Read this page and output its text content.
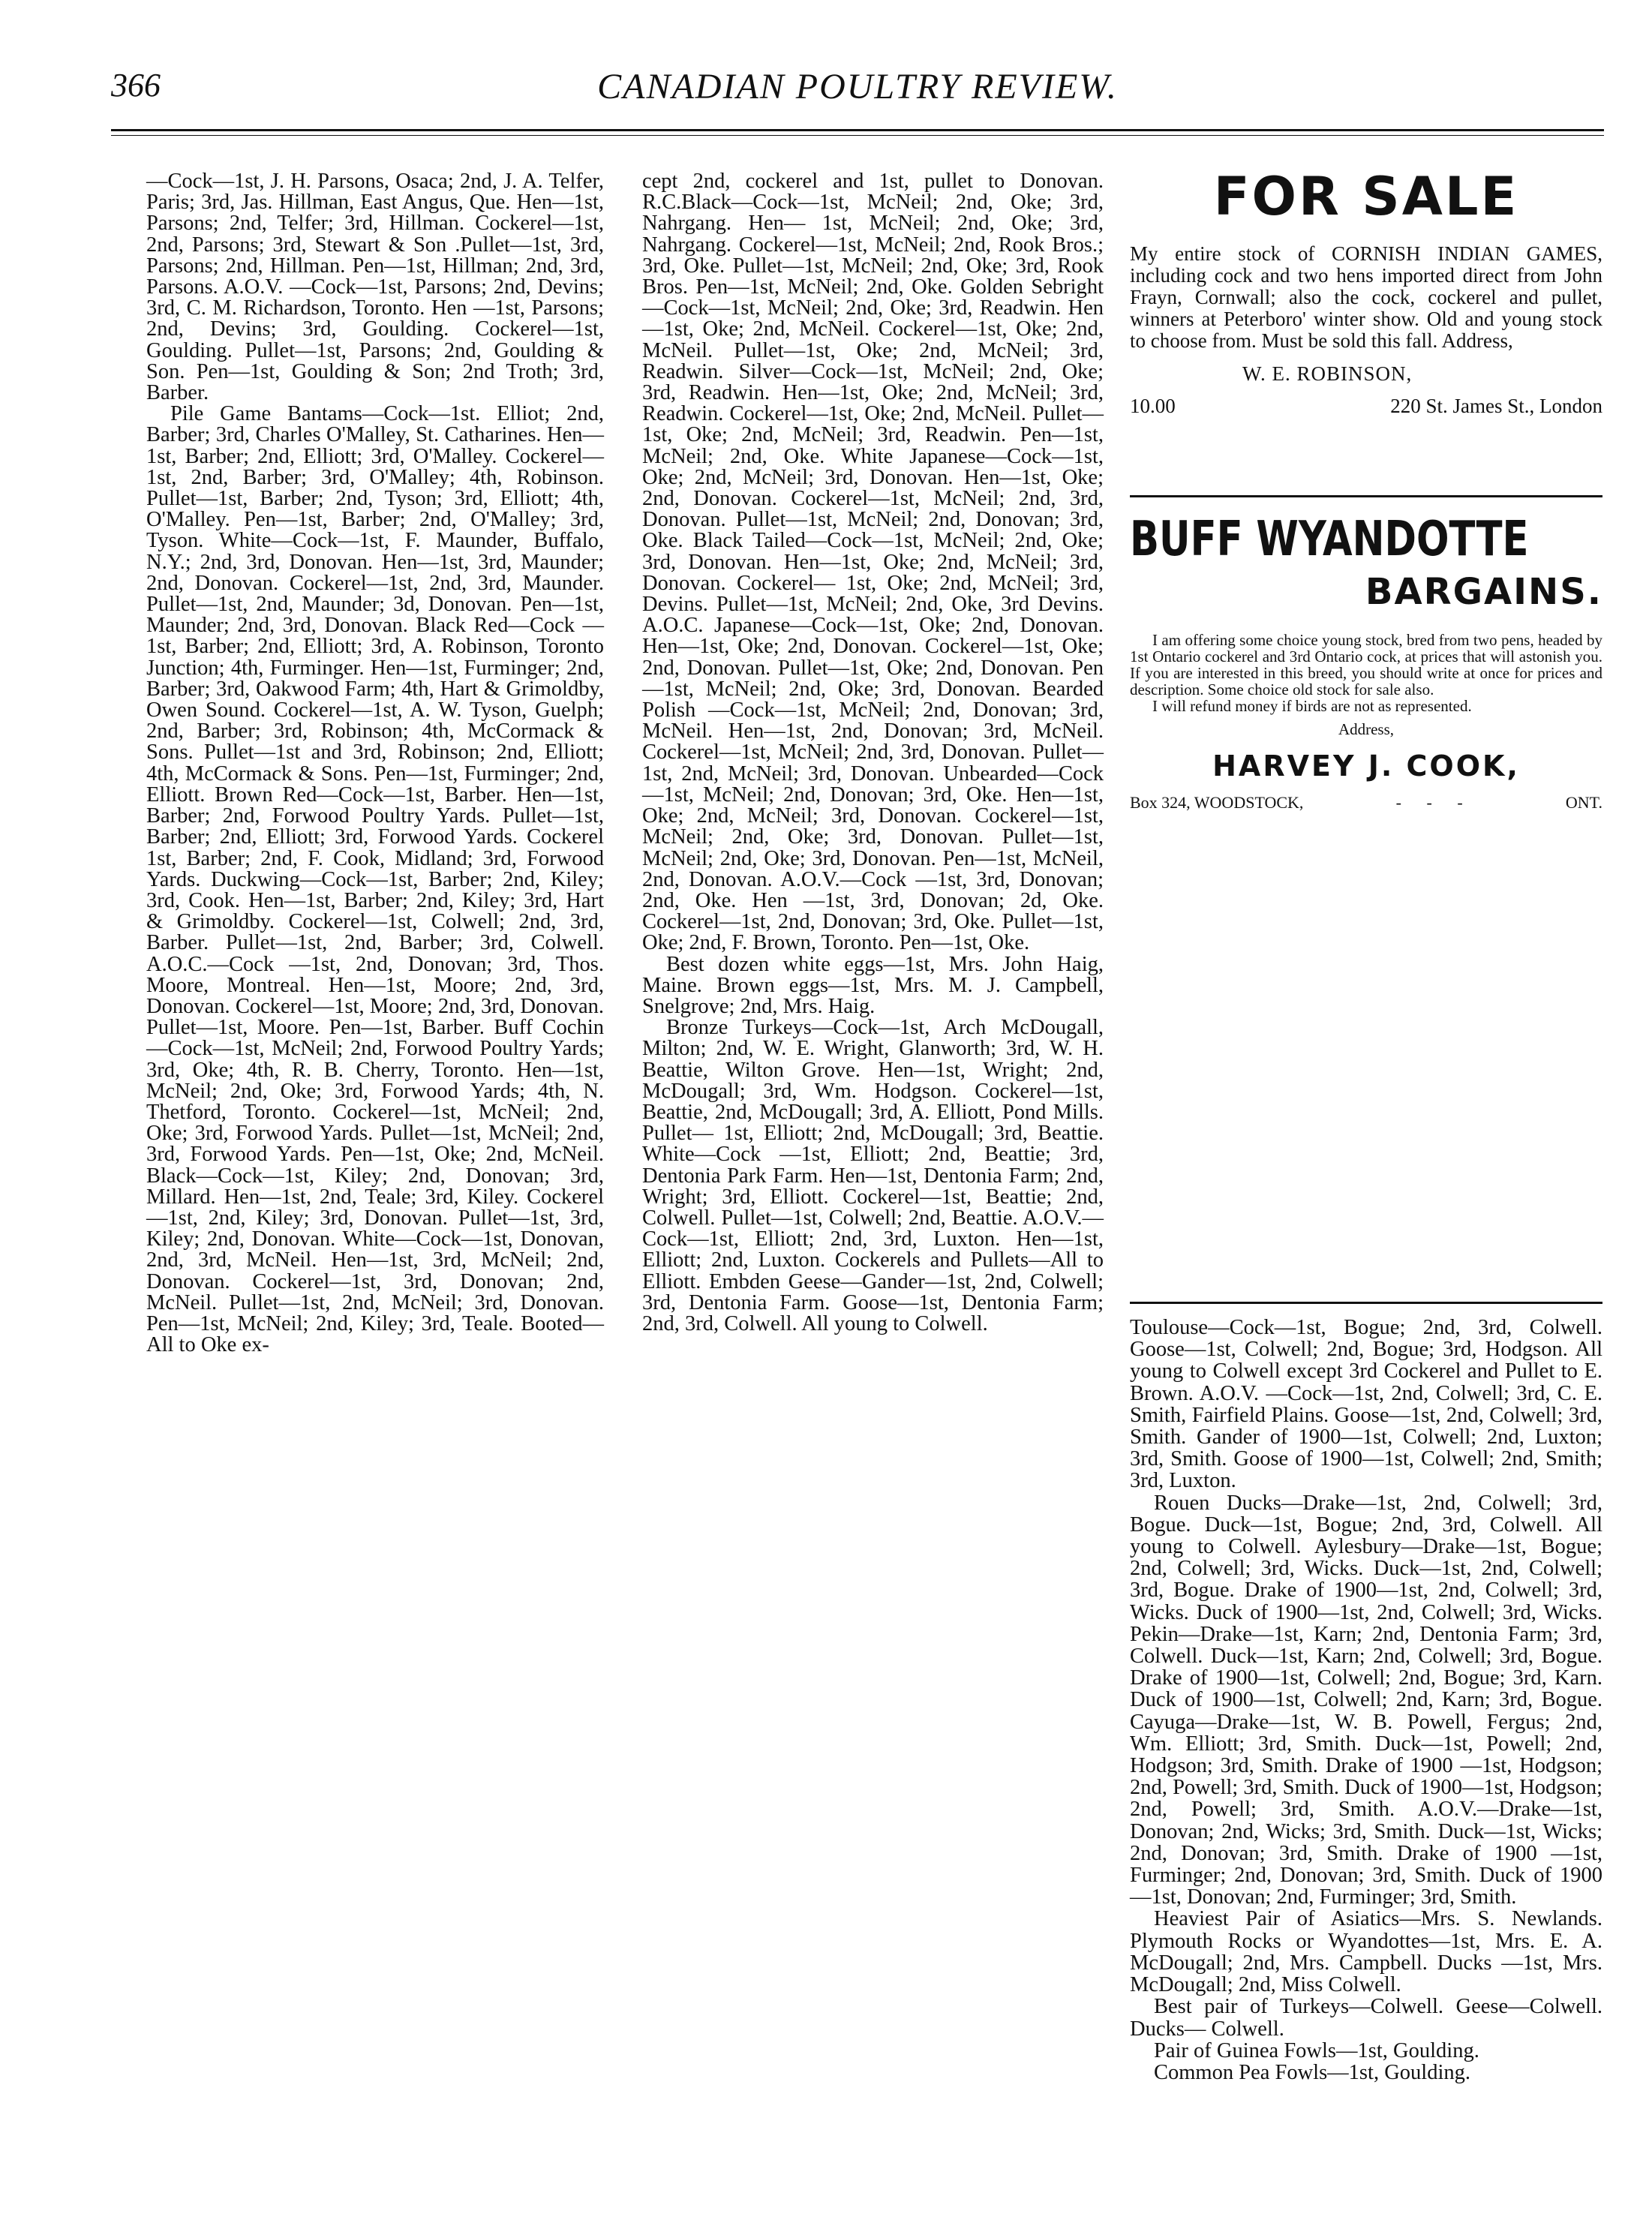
366	CANADIAN POULTRY REVIEW.

—Cock—1st, J. H. Parsons, Osaca; 2nd, J. A. Telfer, Paris; 3rd, Jas. Hillman, East Angus, Que. Hen—1st, Parsons; 2nd, Telfer; 3rd, Hillman. Cockerel—1st, 2nd, Parsons; 3rd, Stewart & Son .Pullet—1st, 3rd, Parsons; 2nd, Hillman. Pen—1st, Hillman; 2nd, 3rd, Parsons. A.O.V. —Cock—1st, Parsons; 2nd, Devins; 3rd, C. M. Richardson, Toronto. Hen —1st, Parsons; 2nd, Devins; 3rd, Goulding. Cockerel—1st, Goulding. Pullet—1st, Parsons; 2nd, Goulding & Son. Pen—1st, Goulding & Son; 2nd Troth; 3rd, Barber.

Pile Game Bantams—Cock—1st. Elliot; 2nd, Barber; 3rd, Charles O'Malley, St. Catharines. Hen—1st, Barber; 2nd, Elliott; 3rd, O'Malley. Cockerel—1st, 2nd, Barber; 3rd, O'Malley; 4th, Robinson. Pullet—1st, Barber; 2nd, Tyson; 3rd, Elliott; 4th, O'Malley. Pen—1st, Barber; 2nd, O'Malley; 3rd, Tyson. White—Cock—1st, F. Maunder, Buffalo, N.Y.; 2nd, 3rd, Donovan. Hen—1st, 3rd, Maunder; 2nd, Donovan. Cockerel—1st, 2nd, 3rd, Maunder. Pullet—1st, 2nd, Maunder; 3d, Donovan. Pen—1st, Maunder; 2nd, 3rd, Donovan. Black Red—Cock —1st, Barber; 2nd, Elliott; 3rd, A. Robinson, Toronto Junction; 4th, Furminger. Hen—1st, Furminger; 2nd, Barber; 3rd, Oakwood Farm; 4th, Hart & Grimoldby, Owen Sound. Cockerel—1st, A. W. Tyson, Guelph; 2nd, Barber; 3rd, Robinson; 4th, McCormack & Sons. Pullet—1st and 3rd, Robinson; 2nd, Elliott; 4th, McCormack & Sons. Pen—1st, Furminger; 2nd, Elliott. Brown Red—Cock—1st, Barber. Hen—1st, Barber; 2nd, Forwood Poultry Yards. Pullet—1st, Barber; 2nd, Elliott; 3rd, Forwood Yards. Cockerel 1st, Barber; 2nd, F. Cook, Midland; 3rd, Forwood Yards. Duckwing—Cock—1st, Barber; 2nd, Kiley; 3rd, Cook. Hen—1st, Barber; 2nd, Kiley; 3rd, Hart & Grimoldby. Cockerel—1st, Colwell; 2nd, 3rd, Barber. Pullet—1st, 2nd, Barber; 3rd, Colwell. A.O.C.—Cock —1st, 2nd, Donovan; 3rd, Thos. Moore, Montreal. Hen—1st, Moore; 2nd, 3rd, Donovan. Cockerel—1st, Moore; 2nd, 3rd, Donovan. Pullet—1st, Moore. Pen—1st, Barber. Buff Cochin—Cock—1st, McNeil; 2nd, Forwood Poultry Yards; 3rd, Oke; 4th, R. B. Cherry, Toronto. Hen—1st, McNeil; 2nd, Oke; 3rd, Forwood Yards; 4th, N. Thetford, Toronto. Cockerel—1st, McNeil; 2nd, Oke; 3rd, Forwood Yards. Pullet—1st, McNeil; 2nd, 3rd, Forwood Yards. Pen—1st, Oke; 2nd, McNeil. Black—Cock—1st, Kiley; 2nd, Donovan; 3rd, Millard. Hen—1st, 2nd, Teale; 3rd, Kiley. Cockerel—1st, 2nd, Kiley; 3rd, Donovan. Pullet—1st, 3rd, Kiley; 2nd, Donovan. White—Cock—1st, Donovan, 2nd, 3rd, McNeil. Hen—1st, 3rd, McNeil; 2nd, Donovan. Cockerel—1st, 3rd, Donovan; 2nd, McNeil. Pullet—1st, 2nd, McNeil; 3rd, Donovan. Pen—1st, McNeil; 2nd, Kiley; 3rd, Teale. Booted—All to Oke ex-

cept 2nd, cockerel and 1st, pullet to Donovan. R.C.Black—Cock—1st, McNeil; 2nd, Oke; 3rd, Nahrgang. Hen— 1st, McNeil; 2nd, Oke; 3rd, Nahrgang. Cockerel—1st, McNeil; 2nd, Rook Bros.; 3rd, Oke. Pullet—1st, McNeil; 2nd, Oke; 3rd, Rook Bros. Pen—1st, McNeil; 2nd, Oke. Golden Sebright—Cock—1st, McNeil; 2nd, Oke; 3rd, Readwin. Hen—1st, Oke; 2nd, McNeil. Cockerel—1st, Oke; 2nd, McNeil. Pullet—1st, Oke; 2nd, McNeil; 3rd, Readwin. Silver—Cock—1st, McNeil; 2nd, Oke; 3rd, Readwin. Hen—1st, Oke; 2nd, McNeil; 3rd, Readwin. Cockerel—1st, Oke; 2nd, McNeil. Pullet—1st, Oke; 2nd, McNeil; 3rd, Readwin. Pen—1st, McNeil; 2nd, Oke. White Japanese—Cock—1st, Oke; 2nd, McNeil; 3rd, Donovan. Hen—1st, Oke; 2nd, Donovan. Cockerel—1st, McNeil; 2nd, 3rd, Donovan. Pullet—1st, McNeil; 2nd, Donovan; 3rd, Oke. Black Tailed—Cock—1st, McNeil; 2nd, Oke; 3rd, Donovan. Hen—1st, Oke; 2nd, McNeil; 3rd, Donovan. Cockerel— 1st, Oke; 2nd, McNeil; 3rd, Devins. Pullet—1st, McNeil; 2nd, Oke, 3rd Devins. A.O.C. Japanese—Cock—1st, Oke; 2nd, Donovan. Hen—1st, Oke; 2nd, Donovan. Cockerel—1st, Oke; 2nd, Donovan. Pullet—1st, Oke; 2nd, Donovan. Pen—1st, McNeil; 2nd, Oke; 3rd, Donovan. Bearded Polish —Cock—1st, McNeil; 2nd, Donovan; 3rd, McNeil. Hen—1st, 2nd, Donovan; 3rd, McNeil. Cockerel—1st, McNeil; 2nd, 3rd, Donovan. Pullet—1st, 2nd, McNeil; 3rd, Donovan. Unbearded—Cock—1st, McNeil; 2nd, Donovan; 3rd, Oke. Hen—1st, Oke; 2nd, McNeil; 3rd, Donovan. Cockerel—1st, McNeil; 2nd, Oke; 3rd, Donovan. Pullet—1st, McNeil; 2nd, Oke; 3rd, Donovan. Pen—1st, McNeil, 2nd, Donovan. A.O.V.—Cock —1st, 3rd, Donovan; 2nd, Oke. Hen —1st, 3rd, Donovan; 2d, Oke. Cockerel—1st, 2nd, Donovan; 3rd, Oke. Pullet—1st, Oke; 2nd, F. Brown, Toronto. Pen—1st, Oke.

Best dozen white eggs—1st, Mrs. John Haig, Maine. Brown eggs—1st, Mrs. M. J. Campbell, Snelgrove; 2nd, Mrs. Haig.

Bronze Turkeys—Cock—1st, Arch McDougall, Milton; 2nd, W. E. Wright, Glanworth; 3rd, W. H. Beattie, Wilton Grove. Hen—1st, Wright; 2nd, McDougall; 3rd, Wm. Hodgson. Cockerel—1st, Beattie, 2nd, McDougall; 3rd, A. Elliott, Pond Mills. Pullet— 1st, Elliott; 2nd, McDougall; 3rd, Beattie. White—Cock —1st, Elliott; 2nd, Beattie; 3rd, Dentonia Park Farm. Hen—1st, Dentonia Farm; 2nd, Wright; 3rd, Elliott. Cockerel—1st, Beattie; 2nd, Colwell. Pullet—1st, Colwell; 2nd, Beattie. A.O.V.—Cock—1st, Elliott; 2nd, 3rd, Luxton. Hen—1st, Elliott; 2nd, Luxton. Cockerels and Pullets—All to Elliott. Embden Geese—Gander—1st, 2nd, Colwell; 3rd, Dentonia Farm. Goose—1st, Dentonia Farm; 2nd, 3rd, Colwell. All young to Colwell.

FOR SALE
My entire stock of CORNISH INDIAN GAMES, including cock and two hens imported direct from John Frayn, Cornwall; also the cock, cockerel and pullet, winners at Peterboro' winter show. Old and young stock to choose from. Must be sold this fall. Address,
W. E. ROBINSON,
10.00	220 St. James St., London
BUFF WYANDOTTE
BARGAINS.

I am offering some choice young stock, bred from two pens, headed by 1st Ontario cockerel and 3rd Ontario cock, at prices that will astonish you. If you are interested in this breed, you should write at once for prices and description. Some choice old stock for sale also.

I will refund money if birds are not as represented.

Address,
HARVEY J. COOK,
Box 324, WOODSTOCK,	- - -	ONT.

Toulouse—Cock—1st, Bogue; 2nd, 3rd, Colwell. Goose—1st, Colwell; 2nd, Bogue; 3rd, Hodgson. All young to Colwell except 3rd Cockerel and Pullet to E. Brown. A.O.V. —Cock—1st, 2nd, Colwell; 3rd, C. E. Smith, Fairfield Plains. Goose—1st, 2nd, Colwell; 3rd, Smith. Gander of 1900—1st, Colwell; 2nd, Luxton; 3rd, Smith. Goose of 1900—1st, Colwell; 2nd, Smith; 3rd, Luxton.

Rouen Ducks—Drake—1st, 2nd, Colwell; 3rd, Bogue. Duck—1st, Bogue; 2nd, 3rd, Colwell. All young to Colwell. Aylesbury—Drake—1st, Bogue; 2nd, Colwell; 3rd, Wicks. Duck—1st, 2nd, Colwell; 3rd, Bogue. Drake of 1900—1st, 2nd, Colwell; 3rd, Wicks. Duck of 1900—1st, 2nd, Colwell; 3rd, Wicks. Pekin—Drake—1st, Karn; 2nd, Dentonia Farm; 3rd, Colwell. Duck—1st, Karn; 2nd, Colwell; 3rd, Bogue. Drake of 1900—1st, Colwell; 2nd, Bogue; 3rd, Karn. Duck of 1900—1st, Colwell; 2nd, Karn; 3rd, Bogue. Cayuga—Drake—1st, W. B. Powell, Fergus; 2nd, Wm. Elliott; 3rd, Smith. Duck—1st, Powell; 2nd, Hodgson; 3rd, Smith. Drake of 1900 —1st, Hodgson; 2nd, Powell; 3rd, Smith. Duck of 1900—1st, Hodgson; 2nd, Powell; 3rd, Smith. A.O.V.—Drake—1st, Donovan; 2nd, Wicks; 3rd, Smith. Duck—1st, Wicks; 2nd, Donovan; 3rd, Smith. Drake of 1900 —1st, Furminger; 2nd, Donovan; 3rd, Smith. Duck of 1900—1st, Donovan; 2nd, Furminger; 3rd, Smith.

Heaviest Pair of Asiatics—Mrs. S. Newlands. Plymouth Rocks or Wyandottes—1st, Mrs. E. A. McDougall; 2nd, Mrs. Campbell. Ducks —1st, Mrs. McDougall; 2nd, Miss Colwell.

Best pair of Turkeys—Colwell. Geese—Colwell. Ducks— Colwell.

Pair of Guinea Fowls—1st, Goulding.

Common Pea Fowls—1st, Goulding.
